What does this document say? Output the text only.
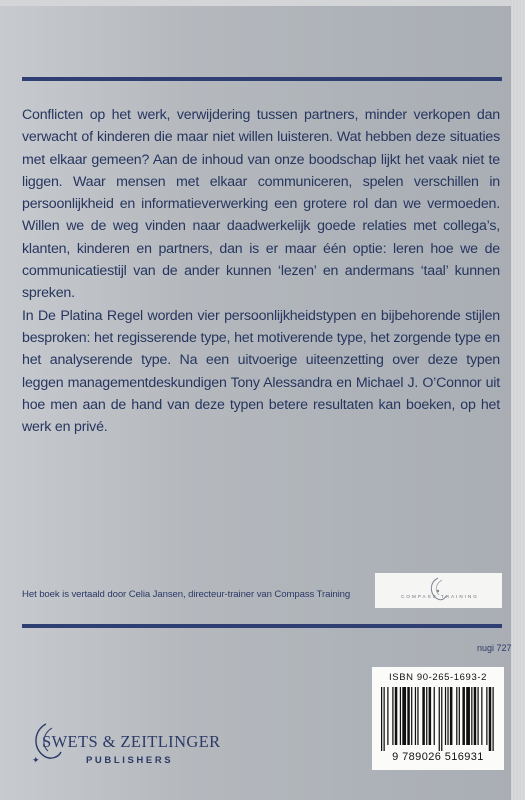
Conflicten op het werk, verwijdering tussen partners, minder verkopen dan verwacht of kinderen die maar niet willen luisteren. Wat hebben deze situaties met elkaar gemeen? Aan de inhoud van onze boodschap lijkt het vaak niet te liggen. Waar mensen met elkaar communiceren, spelen verschillen in persoonlijkheid en informatieverwerking een grotere rol dan we vermoeden. Willen we de weg vinden naar daadwerkelijk goede relaties met collega’s, klanten, kinderen en partners, dan is er maar één optie: leren hoe we de communicatiestijl van de ander kunnen ‘lezen’ en andermans ‘taal’ kunnen spreken.

In De Platina Regel worden vier persoonlijkheidstypen en bijbehorende stijlen besproken: het regisserende type, het motiverende type, het zorgende type en het analyserende type. Na een uitvoerige uiteenzetting over deze typen leggen managementdeskundigen Tony Alessandra en Michael J. O’Connor uit hoe men aan de hand van deze typen betere resultaten kan boeken, op het werk en privé.

Het boek is vertaald door Celia Jansen, directeur-trainer van Compass Training	COMPASS TRAINING
nugi 727
ISBN 90-265-1693-2
9 789026 516931
SWETS & ZEITLINGER
✦	PUBLISHERS
